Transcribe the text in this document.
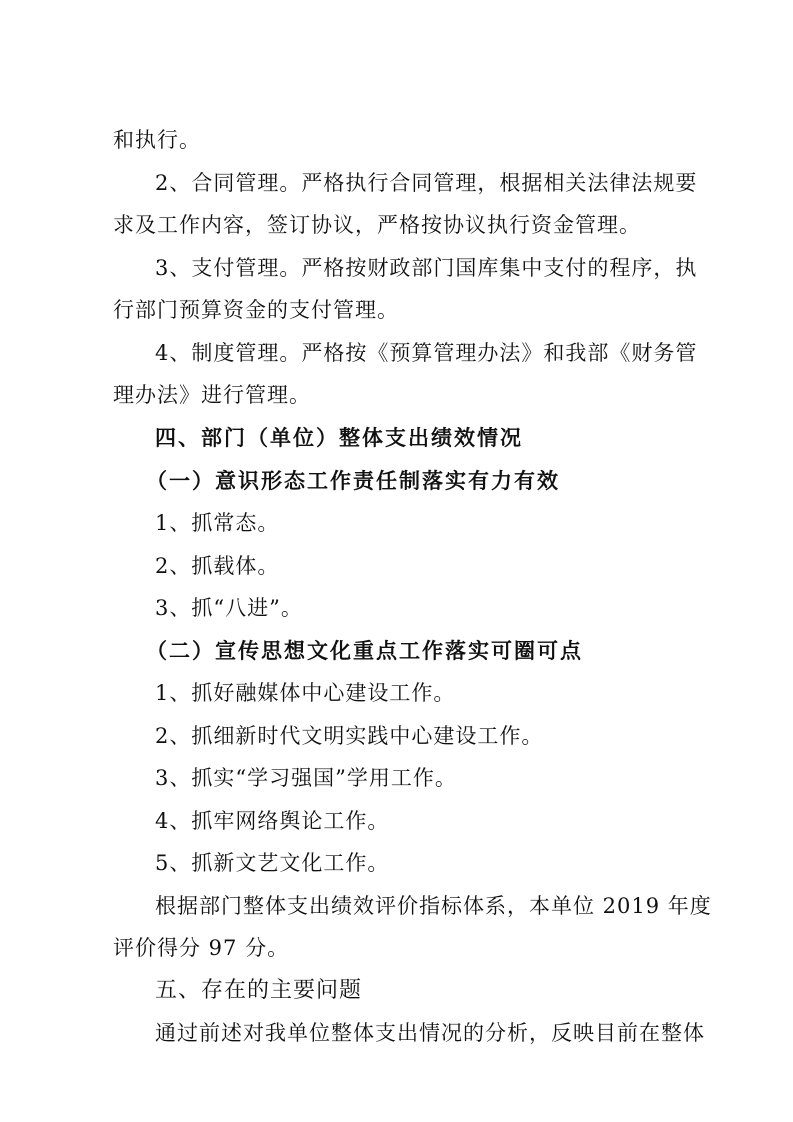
和执行。
2、合同管理。严格执行合同管理，根据相关法律法规要
求及工作内容，签订协议，严格按协议执行资金管理。
3、支付管理。严格按财政部门国库集中支付的程序，执
行部门预算资金的支付管理。
4、制度管理。严格按《预算管理办法》和我部《财务管
理办法》进行管理。
四、部门（单位）整体支出绩效情况
（一）意识形态工作责任制落实有力有效
1、抓常态。
2、抓载体。
3、抓“八进”。
（二）宣传思想文化重点工作落实可圈可点
1、抓好融媒体中心建设工作。
2、抓细新时代文明实践中心建设工作。
3、抓实“学习强国”学用工作。
4、抓牢网络舆论工作。
5、抓新文艺文化工作。
根据部门整体支出绩效评价指标体系，本单位 2019 年度
评价得分 97 分。
五、存在的主要问题
通过前述对我单位整体支出情况的分析，反映目前在整体
